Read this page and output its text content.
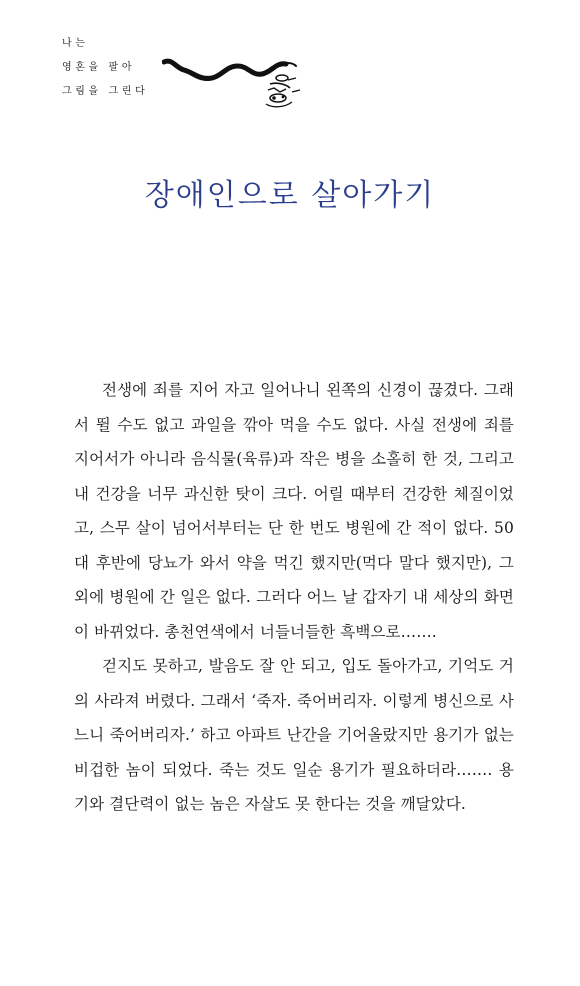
나는
영혼을 팔아
그림을 그린다
장애인으로 살아가기

전생에 죄를 지어 자고 일어나니 왼쪽의 신경이 끊겼다. 그래서 뛸 수도 없고 과일을 깎아 먹을 수도 없다. 사실 전생에 죄를 지어서가 아니라 음식물(육류)과 작은 병을 소홀히 한 것, 그리고 내 건강을 너무 과신한 탓이 크다. 어릴 때부터 건강한 체질이었고, 스무 살이 넘어서부터는 단 한 번도 병원에 간 적이 없다. 50대 후반에 당뇨가 와서 약을 먹긴 했지만(먹다 말다 했지만), 그 외에 병원에 간 일은 없다. 그러다 어느 날 갑자기 내 세상의 화면이 바뀌었다. 총천연색에서 너들너들한 흑백으로…….

걷지도 못하고, 발음도 잘 안 되고, 입도 돌아가고, 기억도 거의 사라져 버렸다. 그래서 ‘죽자. 죽어버리자. 이렇게 병신으로 사느니 죽어버리자.’ 하고 아파트 난간을 기어올랐지만 용기가 없는 비겁한 놈이 되었다. 죽는 것도 일순 용기가 필요하더라……. 용기와 결단력이 없는 놈은 자살도 못 한다는 것을 깨달았다.
